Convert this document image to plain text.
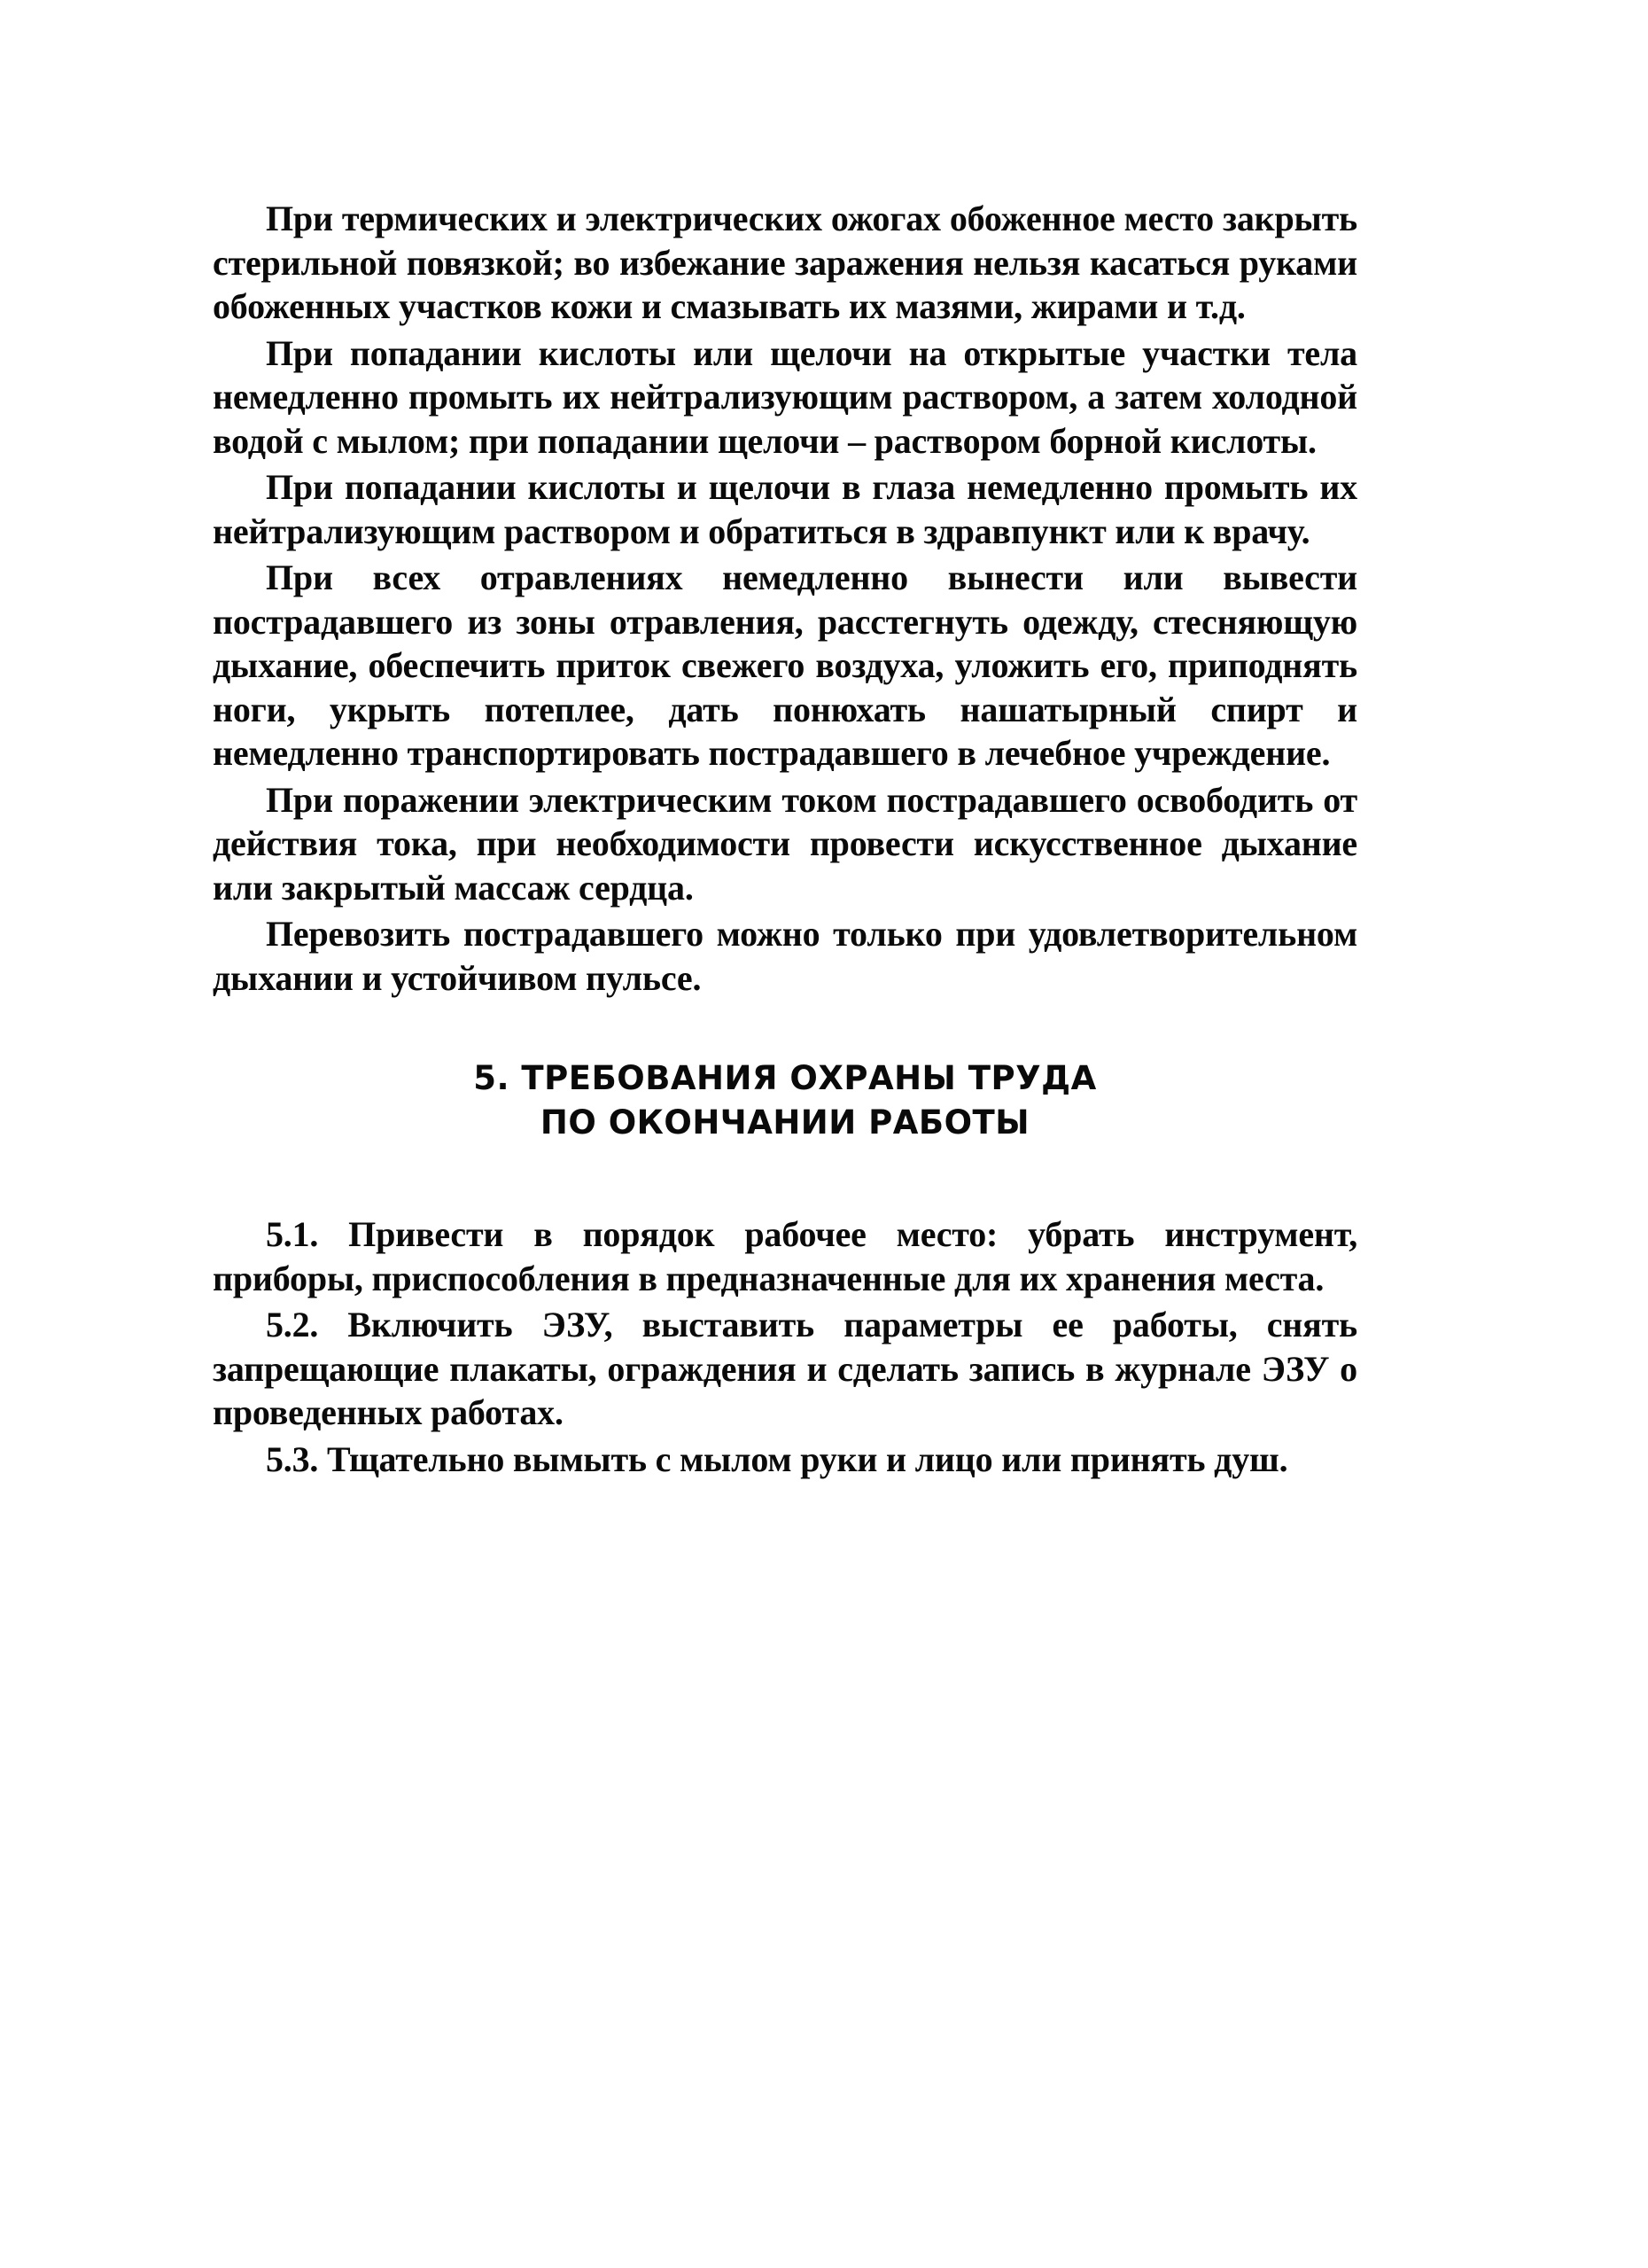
При термических и электрических ожогах обоженное место закрыть стерильной повязкой; во избежание заражения нельзя касаться руками обоженных участков кожи и смазывать их мазями, жирами и т.д.

При попадании кислоты или щелочи на открытые участки тела немедленно промыть их нейтрализующим раствором, а затем холодной водой с мылом; при попадании щелочи – раствором борной кислоты.

При попадании кислоты и щелочи в глаза немедленно промыть их нейтрализующим раствором и обратиться в здравпункт или к врачу.

При всех отравлениях немедленно вынести или вывести пострадавшего из зоны отравления, расстегнуть одежду, стесняющую дыхание, обеспечить приток свежего воздуха, уложить его, приподнять ноги, укрыть потеплее, дать понюхать нашатырный спирт и немедленно транспортировать пострадавшего в лечебное учреждение.

При поражении электрическим током пострадавшего освободить от действия тока, при необходимости провести искусственное дыхание или закрытый массаж сердца.

Перевозить пострадавшего можно только при удовлетворительном дыхании и устойчивом пульсе.

5. ТРЕБОВАНИЯ ОХРАНЫ ТРУДА
ПО ОКОНЧАНИИ РАБОТЫ

5.1. Привести в порядок рабочее место: убрать инструмент, приборы, приспособления в предназначенные для их хранения места.

5.2. Включить ЭЗУ, выставить параметры ее работы, снять запрещающие плакаты, ограждения и сделать запись в журнале ЭЗУ о проведенных работах.

5.3. Тщательно вымыть с мылом руки и лицо или принять душ.
